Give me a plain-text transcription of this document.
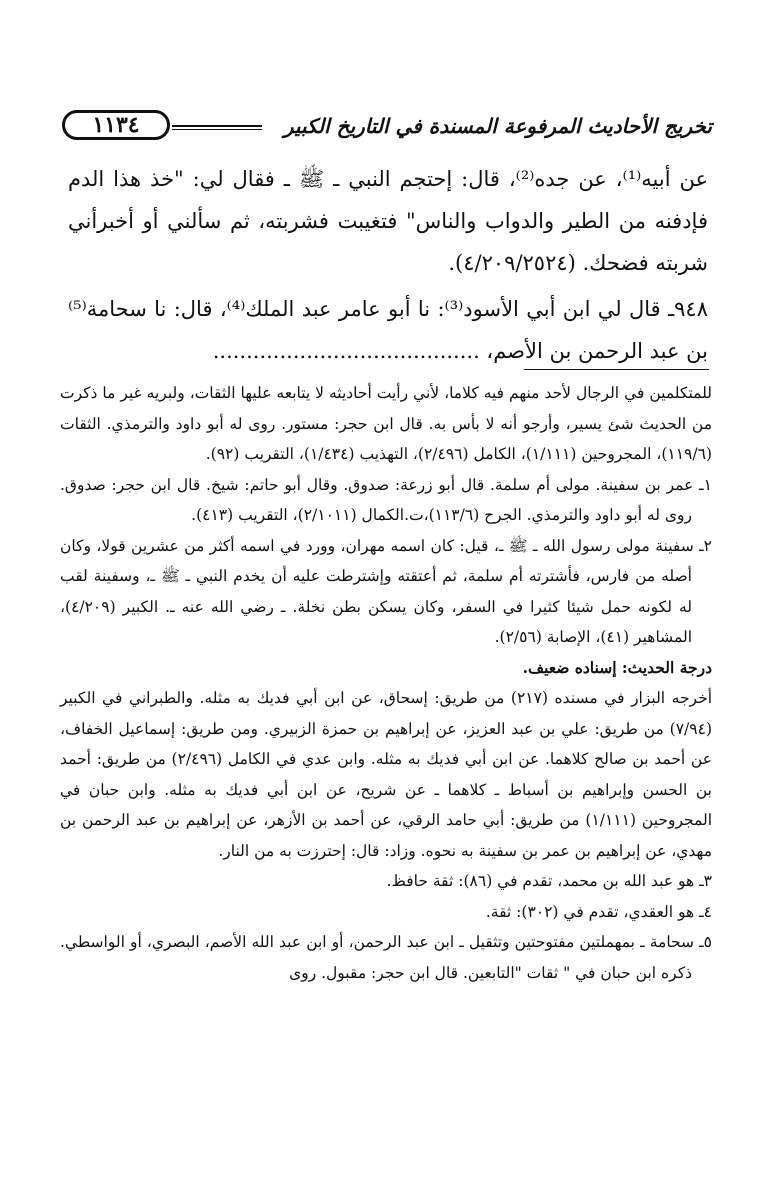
تخريج الأحاديث المرفوعة المسندة في التاريخ الكبير
١١٣٤

عن أبيه⁽¹⁾، عن جده⁽²⁾، قال: إحتجم النبي ـ ﷺ ـ فقال لي: "خذ هذا الدم فإدفنه من الطير والدواب والناس" فتغيبت فشربته، ثم سألني أو أخبرأني شربته فضحك. (٤/٢٠٩/٢٥٢٤).

٩٤٨ـ قال لي ابن أبي الأسود⁽³⁾: نا أبو عامر عبد الملك⁽⁴⁾، قال: نا سحامة⁽⁵⁾بن عبد الرحمن بن الأصم، ........................................

للمتكلمين في الرجال لأحد منهم فيه كلاما، لأني رأيت أحاديثه لا يتابعه عليها الثقات، ولبريه غير ما ذكرت من الحديث شئ يسير، وأرجو أنه لا بأس به. قال ابن حجر: مستور. روى له أبو داود والترمذي. الثقات (١١٩/٦)، المجروحين (١/١١١)، الكامل (٢/٤٩٦)، التهذيب (١/٤٣٤)، التقريب (٩٢).

١ـ عمر بن سفينة. مولى أم سلمة. قال أبو زرعة: صدوق. وقال أبو حاتم: شيخ. قال ابن حجر: صدوق. روى له أبو داود والترمذي. الجرح (١١٣/٦)،ت.الكمال (٢/١٠١١)، التقريب (٤١٣).

٢ـ سفينة مولى رسول الله ـ ﷺ ـ، قيل: كان اسمه مهران، وورد في اسمه أكثر من عشرين قولا، وكان أصله من فارس، فأشترته أم سلمة، ثم أعتقته وإشترطت عليه أن يخدم النبي ـ ﷺ ـ، وسفينة لقب له لكونه حمل شيئا كثيرا في السفر، وكان يسكن بطن نخلة. ـ رضي الله عنه ـ. الكبير (٤/٢٠٩)، المشاهير (٤١)، الإصابة (٢/٥٦).

درجة الحديث: إسناده ضعيف.

أخرجه البزار في مسنده (٢١٧) من طريق: إسحاق، عن ابن أبي فديك به مثله. والطبراني في الكبير (٧/٩٤) من طريق: علي بن عبد العزيز، عن إبراهيم بن حمزة الزبيري. ومن طريق: إسماعيل الخفاف، عن أحمد بن صالح كلاهما. عن ابن أبي فديك به مثله. وابن عدي في الكامل (٢/٤٩٦) من طريق: أحمد بن الحسن وإبراهيم بن أسباط ـ كلاهما ـ عن شريح، عن ابن أبي فديك به مثله. وابن حبان في المجروحين (١/١١١) من طريق: أبي حامد الرقي، عن أحمد بن الأزهر، عن إبراهيم بن عبد الرحمن بن مهدي، عن إبراهيم بن عمر بن سفينة به نحوه. وزاد: قال: إحترزت به من النار.

٣ـ هو عبد الله بن محمد، تقدم في (٨٦): ثقة حافظ.

٤ـ هو العقدي، تقدم في (٣٠٢): ثقة.

٥ـ سحامة ـ بمهملتين مفتوحتين وتثقيل ـ ابن عبد الرحمن، أو ابن عبد الله الأصم، البصري، أو الواسطي. ذكره ابن حبان في " ثقات "التابعين. قال ابن حجر: مقبول. روى
